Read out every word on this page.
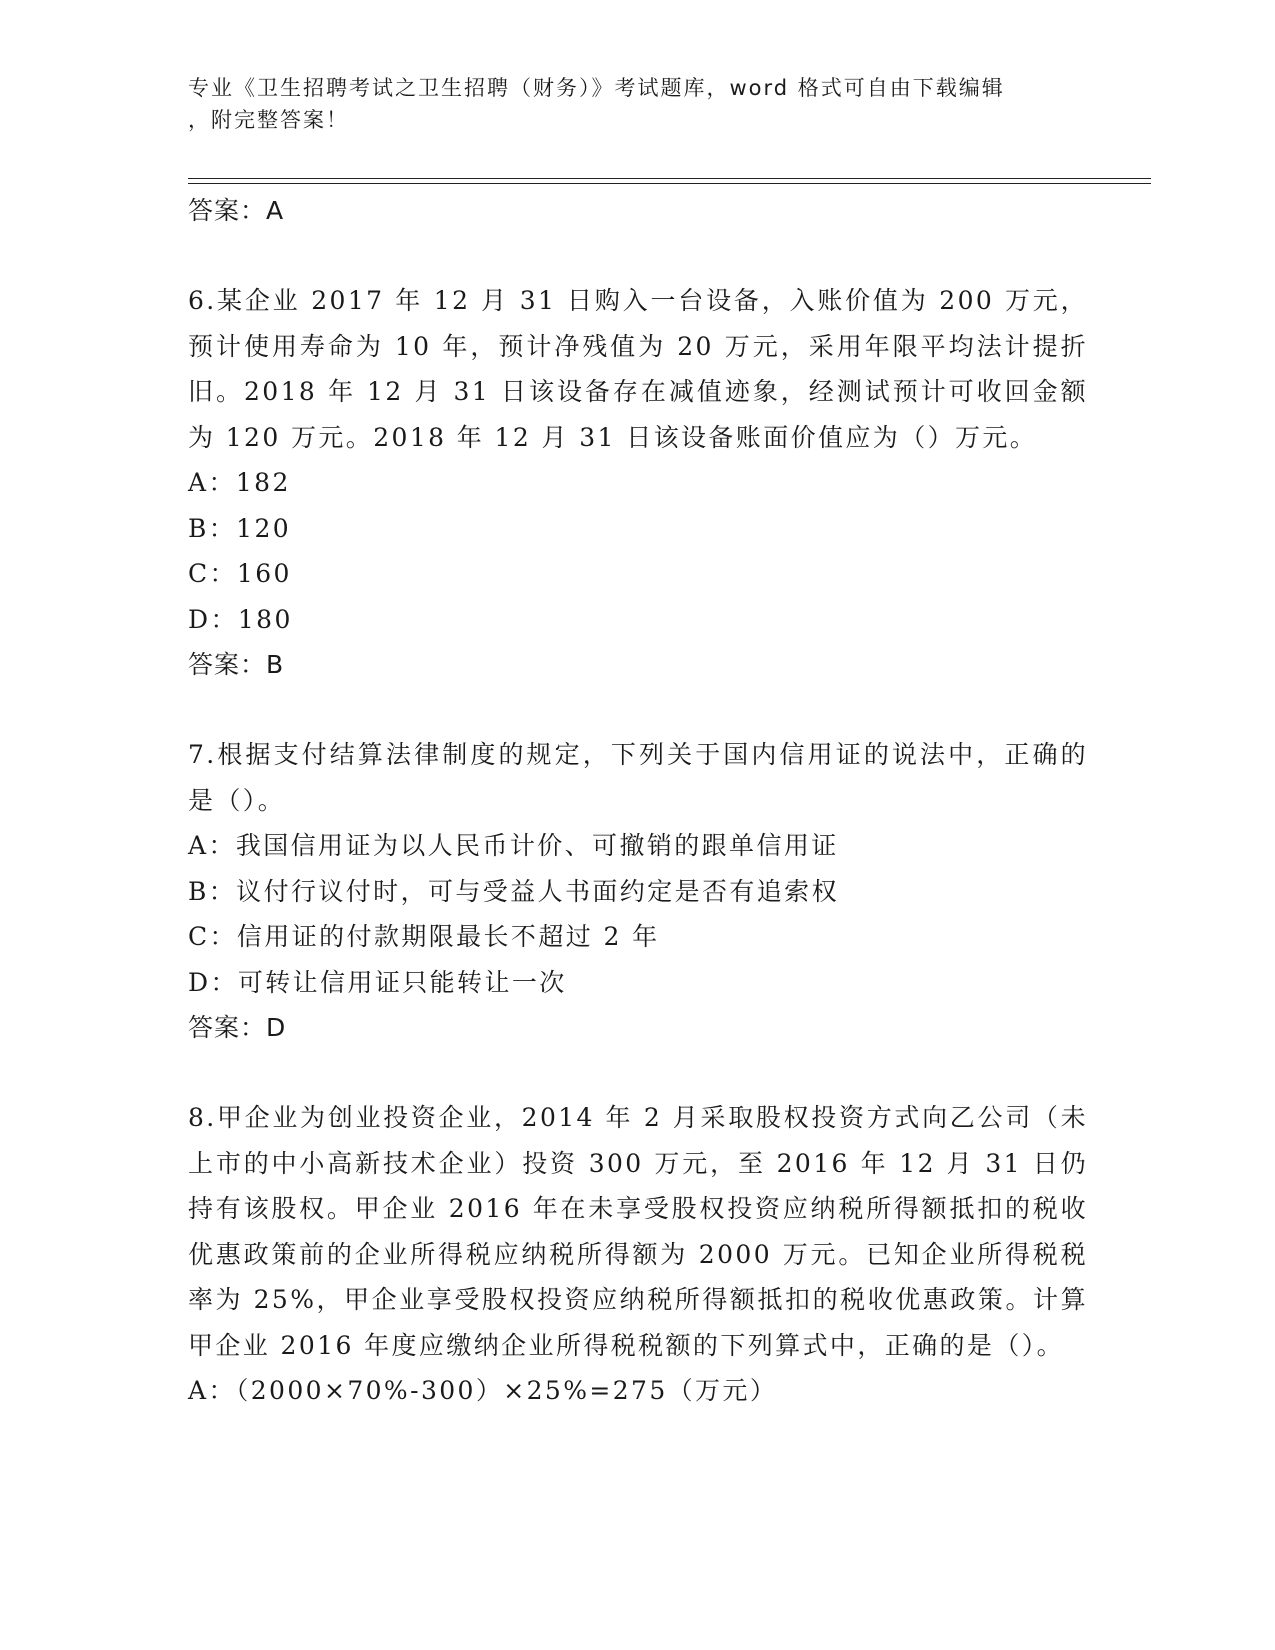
专业《卫生招聘考试之卫生招聘（财务）》考试题库，word 格式可自由下载编辑
，附完整答案！
答案：A

6.某企业 2017 年 12 月 31 日购入一台设备，入账价值为 200 万元，预计使用寿命为 10 年，预计净残值为 20 万元，采用年限平均法计提折旧。2018 年 12 月 31 日该设备存在减值迹象，经测试预计可收回金额为 120 万元。2018 年 12 月 31 日该设备账面价值应为（）万元。

A：182
B：120
C：160
D：180
答案：B

7.根据支付结算法律制度的规定，下列关于国内信用证的说法中，正确的是（）。

A：我国信用证为以人民币计价、可撤销的跟单信用证
B：议付行议付时，可与受益人书面约定是否有追索权
C：信用证的付款期限最长不超过 2 年
D：可转让信用证只能转让一次
答案：D

8.甲企业为创业投资企业，2014 年 2 月采取股权投资方式向乙公司（未上市的中小高新技术企业）投资 300 万元，至 2016 年 12 月 31 日仍持有该股权。甲企业 2016 年在未享受股权投资应纳税所得额抵扣的税收优惠政策前的企业所得税应纳税所得额为 2000 万元。已知企业所得税税率为 25%，甲企业享受股权投资应纳税所得额抵扣的税收优惠政策。计算甲企业 2016 年度应缴纳企业所得税税额的下列算式中，正确的是（）。

A：（2000×70%-300）×25%=275（万元）
